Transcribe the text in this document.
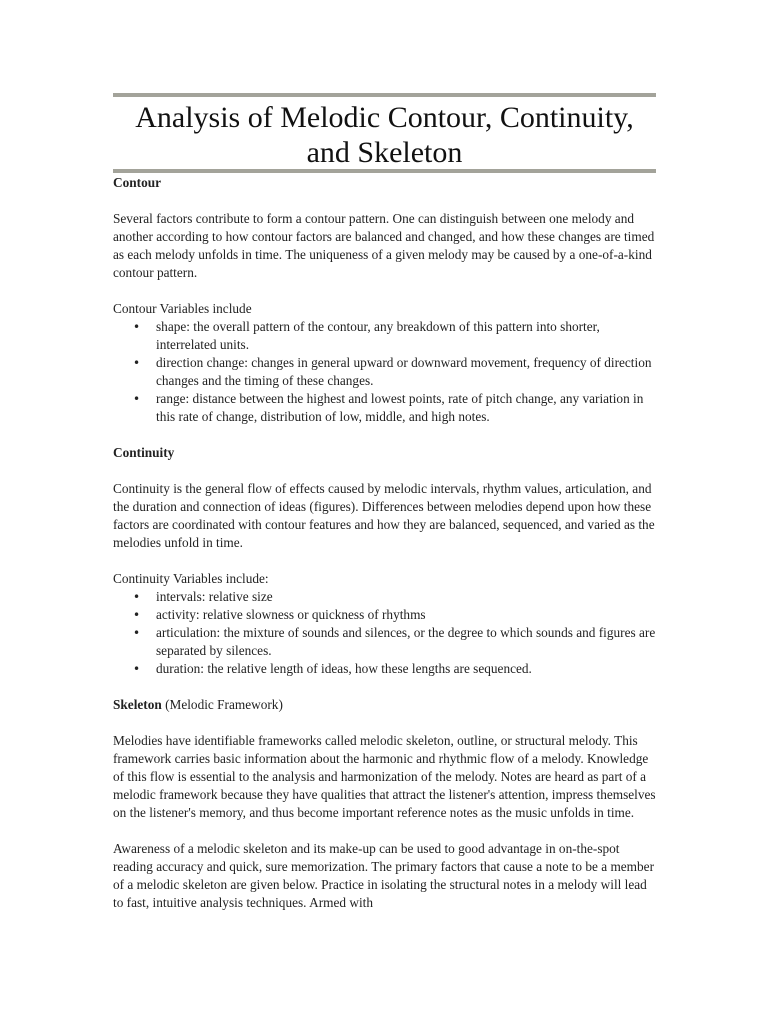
Analysis of Melodic Contour, Continuity, and Skeleton

Contour

Several factors contribute to form a contour pattern. One can distinguish between one melody and another according to how contour factors are balanced and changed, and how these changes are timed as each melody unfolds in time. The uniqueness of a given melody may be caused by a one-of-a-kind contour pattern.

Contour Variables include

• shape: the overall pattern of the contour, any breakdown of this pattern into shorter, interrelated units.
• direction change: changes in general upward or downward movement, frequency of direction changes and the timing of these changes.
• range: distance between the highest and lowest points, rate of pitch change, any variation in this rate of change, distribution of low, middle, and high notes.

Continuity

Continuity is the general flow of effects caused by melodic intervals, rhythm values, articulation, and the duration and connection of ideas (figures). Differences between melodies depend upon how these factors are coordinated with contour features and how they are balanced, sequenced, and varied as the melodies unfold in time.

Continuity Variables include:

• intervals: relative size
• activity: relative slowness or quickness of rhythms
• articulation: the mixture of sounds and silences, or the degree to which sounds and figures are separated by silences.
• duration: the relative length of ideas, how these lengths are sequenced.

Skeleton (Melodic Framework)

Melodies have identifiable frameworks called melodic skeleton, outline, or structural melody. This framework carries basic information about the harmonic and rhythmic flow of a melody. Knowledge of this flow is essential to the analysis and harmonization of the melody. Notes are heard as part of a melodic framework because they have qualities that attract the listener's attention, impress themselves on the listener's memory, and thus become important reference notes as the music unfolds in time.

Awareness of a melodic skeleton and its make-up can be used to good advantage in on-the-spot reading accuracy and quick, sure memorization. The primary factors that cause a note to be a member of a melodic skeleton are given below. Practice in isolating the structural notes in a melody will lead to fast, intuitive analysis techniques. Armed with
